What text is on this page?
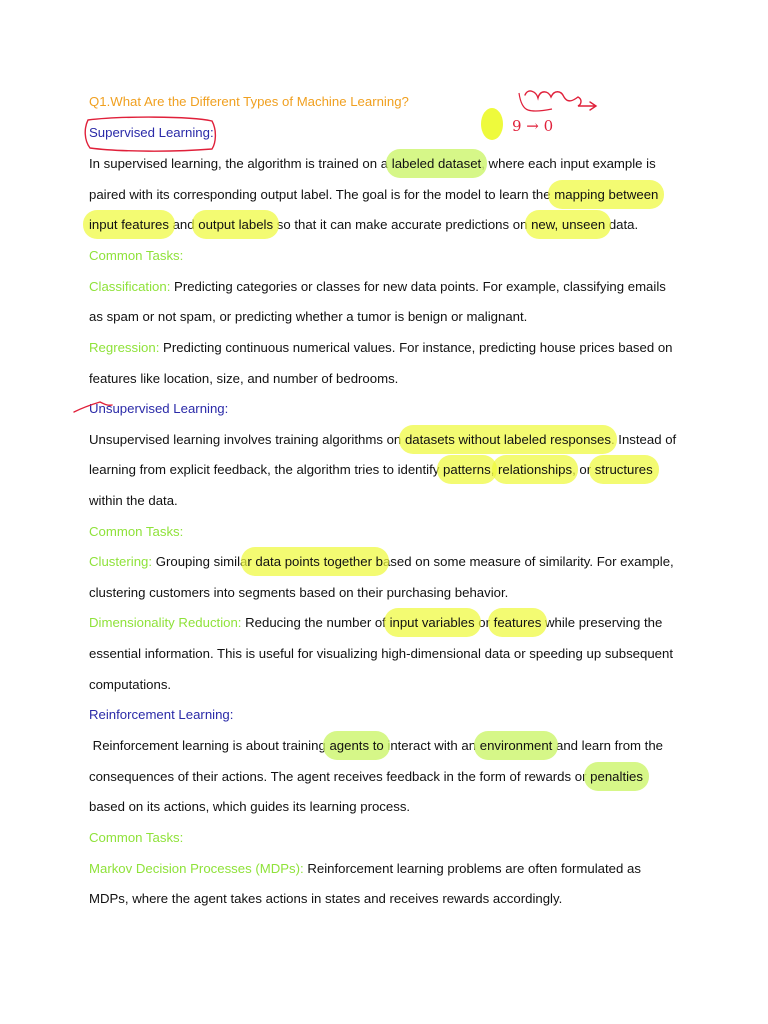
Q1.What Are the Different Types of Machine Learning?
Supervised Learning:
In supervised learning, the algorithm is trained on a labeled dataset, where each input example is
paired with its corresponding output label. The goal is for the model to learn the mapping between
input features and output labels so that it can make accurate predictions on new, unseen data.
Common Tasks:
Classification: Predicting categories or classes for new data points. For example, classifying emails
as spam or not spam, or predicting whether a tumor is benign or malignant.
Regression: Predicting continuous numerical values. For instance, predicting house prices based on
features like location, size, and number of bedrooms.
Unsupervised Learning:
Unsupervised learning involves training algorithms on datasets without labeled responses. Instead of
learning from explicit feedback, the algorithm tries to identify patterns, relationships, or structures
within the data.
Common Tasks:
Clustering: Grouping similar data points together based on some measure of similarity. For example,
clustering customers into segments based on their purchasing behavior.
Dimensionality Reduction: Reducing the number of input variables or features while preserving the
essential information. This is useful for visualizing high-dimensional data or speeding up subsequent
computations.
Reinforcement Learning:
Reinforcement learning is about training agents to interact with an environment and learn from the
consequences of their actions. The agent receives feedback in the form of rewards or penalties
based on its actions, which guides its learning process.
Common Tasks:
Markov Decision Processes (MDPs): Reinforcement learning problems are often formulated as
MDPs, where the agent takes actions in states and receives rewards accordingly.
9 → 0
